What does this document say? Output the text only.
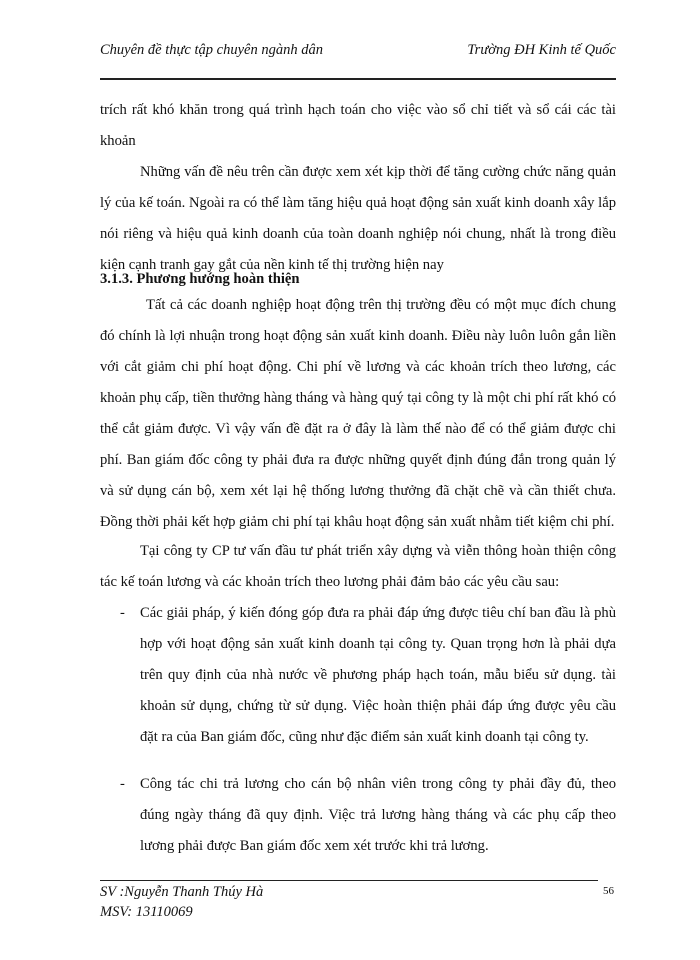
Chuyên đề thực tập chuyên ngành dân	Trường ĐH Kinh tế Quốc

trích rất khó khăn trong quá trình hạch toán cho việc vào sổ chỉ tiết và sổ cái các tài khoản

Những vấn đề nêu trên cần được xem xét kịp thời để tăng cường chức năng quản lý của kế toán. Ngoài ra có thể làm tăng hiệu quả hoạt động sản xuất kinh doanh xây lắp nói riêng và hiệu quả kinh doanh của toàn doanh nghiệp nói chung, nhất là trong điều kiện cạnh tranh gay gắt của nền kinh tế thị trường hiện nay

3.1.3. Phương hướng hoàn thiện

Tất cả các doanh nghiệp hoạt động trên thị trường đều có một mục đích chung đó chính là lợi nhuận trong hoạt động sản xuất kinh doanh. Điều này luôn luôn gắn liền với cắt giảm chi phí hoạt động. Chi phí về lương và các khoản trích theo lương, các khoản phụ cấp, tiền thưởng hàng tháng và hàng quý tại công ty là một chi phí rất khó có thể cắt giảm được. Vì vậy vấn đề đặt ra ở đây là làm thế nào để có thể giảm được chi phí. Ban giám đốc công ty phải đưa ra được những quyết định đúng đắn trong quản lý và sử dụng cán bộ, xem xét lại hệ thống lương thưởng đã chặt chẽ và cần thiết chưa. Đồng thời phải kết hợp giảm chi phí tại khâu hoạt động sản xuất nhằm tiết kiệm chi phí.

Tại công ty CP tư vấn đầu tư phát triển xây dựng và viễn thông hoàn thiện công tác kế toán lương và các khoản trích theo lương phải đảm bảo các yêu cầu sau:

- Các giải pháp, ý kiến đóng góp đưa ra phải đáp ứng được tiêu chí ban đầu là phù hợp với hoạt động sản xuất kinh doanh tại công ty. Quan trọng hơn là phải dựa trên quy định của nhà nước về phương pháp hạch toán, mẫu biểu sử dụng. tài khoản sử dụng, chứng từ sử dụng. Việc hoàn thiện phải đáp ứng được yêu cầu đặt ra của Ban giám đốc, cũng như đặc điểm sản xuất kinh doanh tại công ty.
- Công tác chi trả lương cho cán bộ nhân viên trong công ty phải đầy đủ, theo đúng ngày tháng đã quy định. Việc trả lương hàng tháng và các phụ cấp theo lương phải được Ban giám đốc xem xét trước khi trả lương.
SV :Nguyễn Thanh Thúy Hà
MSV: 13110069
56
